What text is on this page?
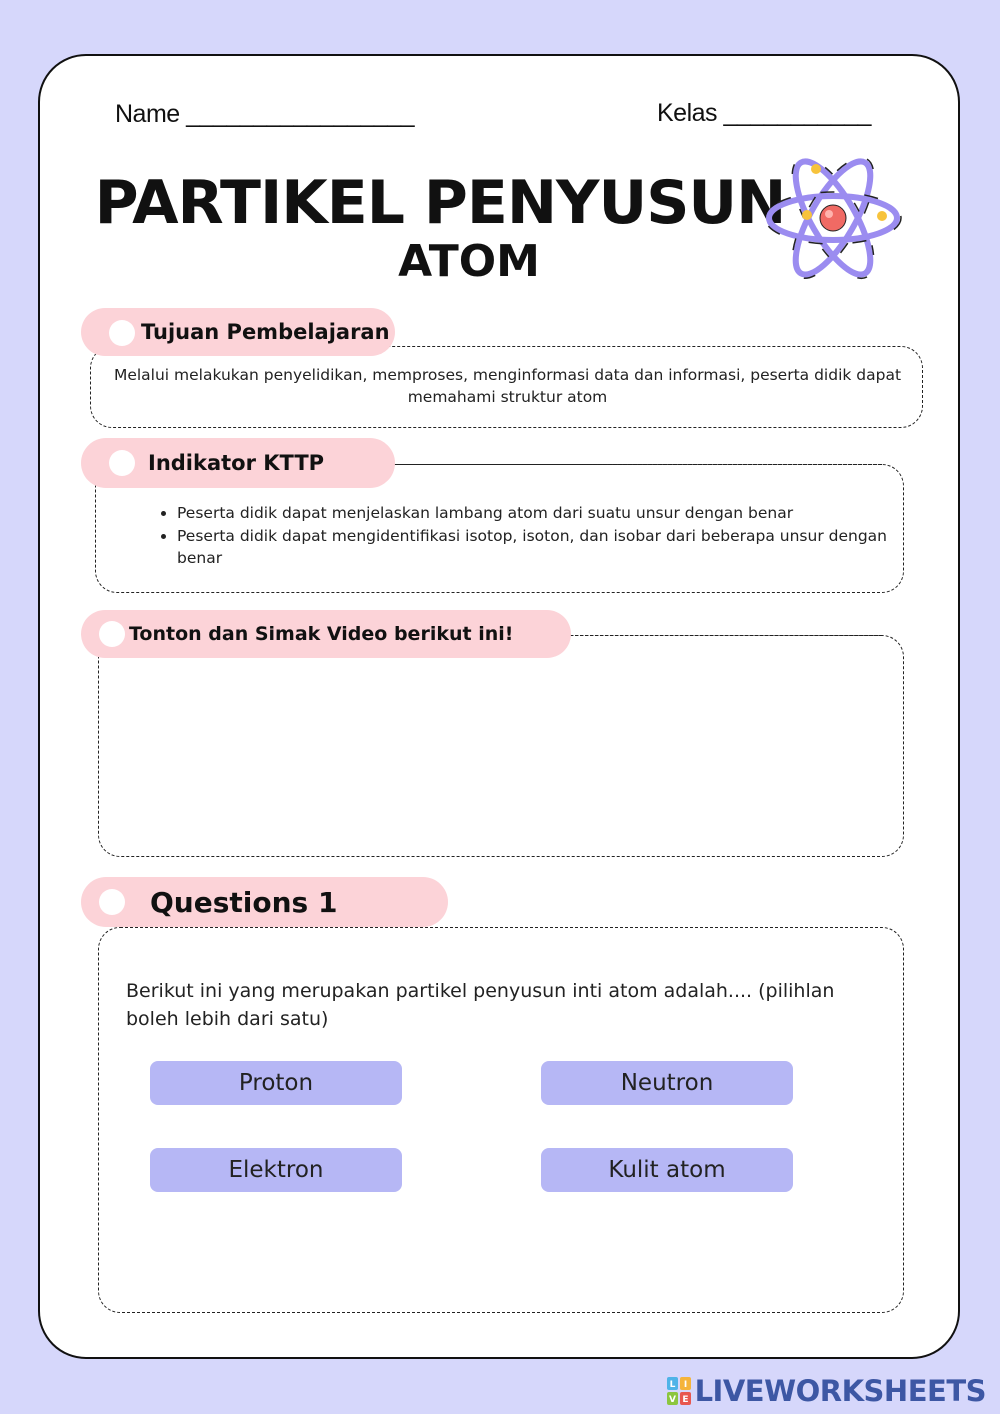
Name _________________	Kelas ___________
PARTIKEL PENYUSUN
ATOM
Tujuan Pembelajaran
Melalui melakukan penyelidikan, memproses, menginformasi data dan informasi, peserta didik dapat memahami struktur atom
Indikator KTTP
• Peserta didik dapat menjelaskan lambang atom dari suatu unsur dengan benar
• Peserta didik dapat mengidentifikasi isotop, isoton, dan isobar dari beberapa unsur dengan benar
Tonton dan Simak Video berikut ini!
Questions 1
Berikut ini yang merupakan partikel penyusun inti atom adalah.... (pilihlan boleh lebih dari satu)
Proton	Neutron
Elektron	Kulit atom
L I
V E LIVEWORKSHEETS
